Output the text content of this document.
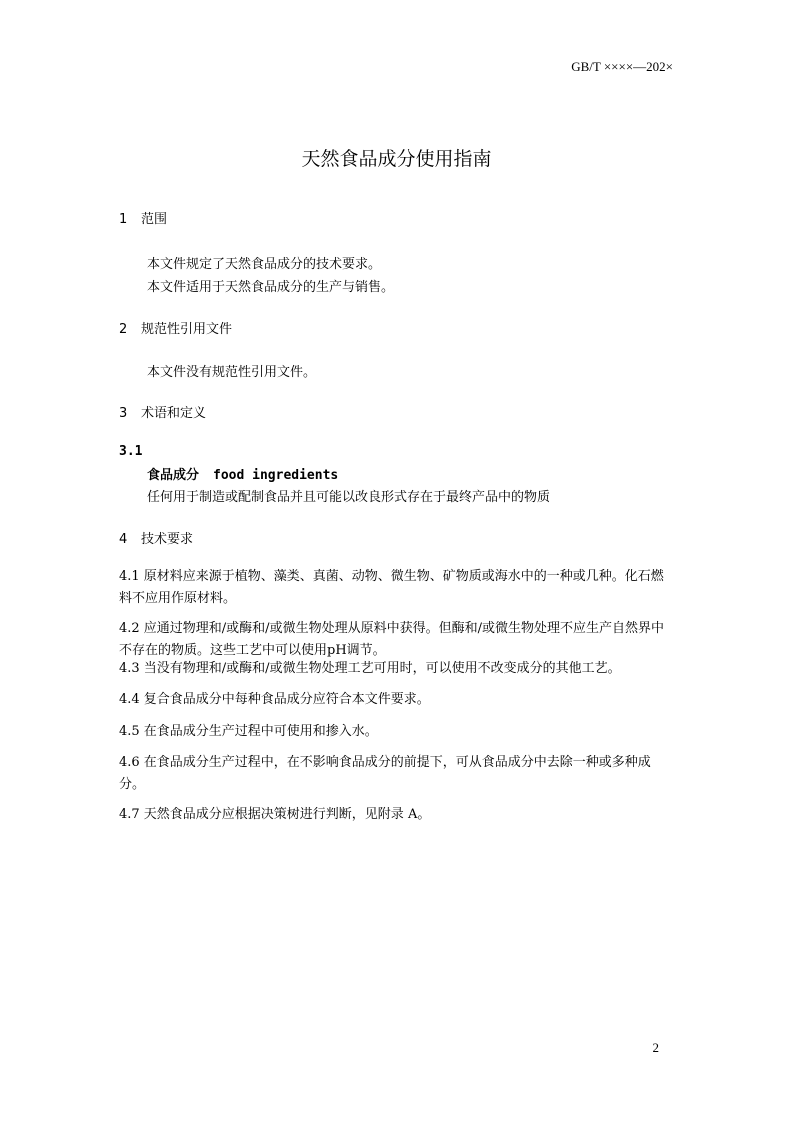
GB/T ××××—202×
天然食品成分使用指南
1 范围
本文件规定了天然食品成分的技术要求。
本文件适用于天然食品成分的生产与销售。
2 规范性引用文件
本文件没有规范性引用文件。
3 术语和定义
3.1
食品成分 food ingredients
任何用于制造或配制食品并且可能以改良形式存在于最终产品中的物质
4 技术要求
4.1 原材料应来源于植物、藻类、真菌、动物、微生物、矿物质或海水中的一种或几种。化石燃料不应用作原材料。
4.2 应通过物理和/或酶和/或微生物处理从原料中获得。但酶和/或微生物处理不应生产自然界中不存在的物质。这些工艺中可以使用pH调节。
4.3 当没有物理和/或酶和/或微生物处理工艺可用时，可以使用不改变成分的其他工艺。
4.4 复合食品成分中每种食品成分应符合本文件要求。
4.5 在食品成分生产过程中可使用和掺入水。
4.6 在食品成分生产过程中，在不影响食品成分的前提下，可从食品成分中去除一种或多种成分。
4.7 天然食品成分应根据决策树进行判断，见附录 A。
2
